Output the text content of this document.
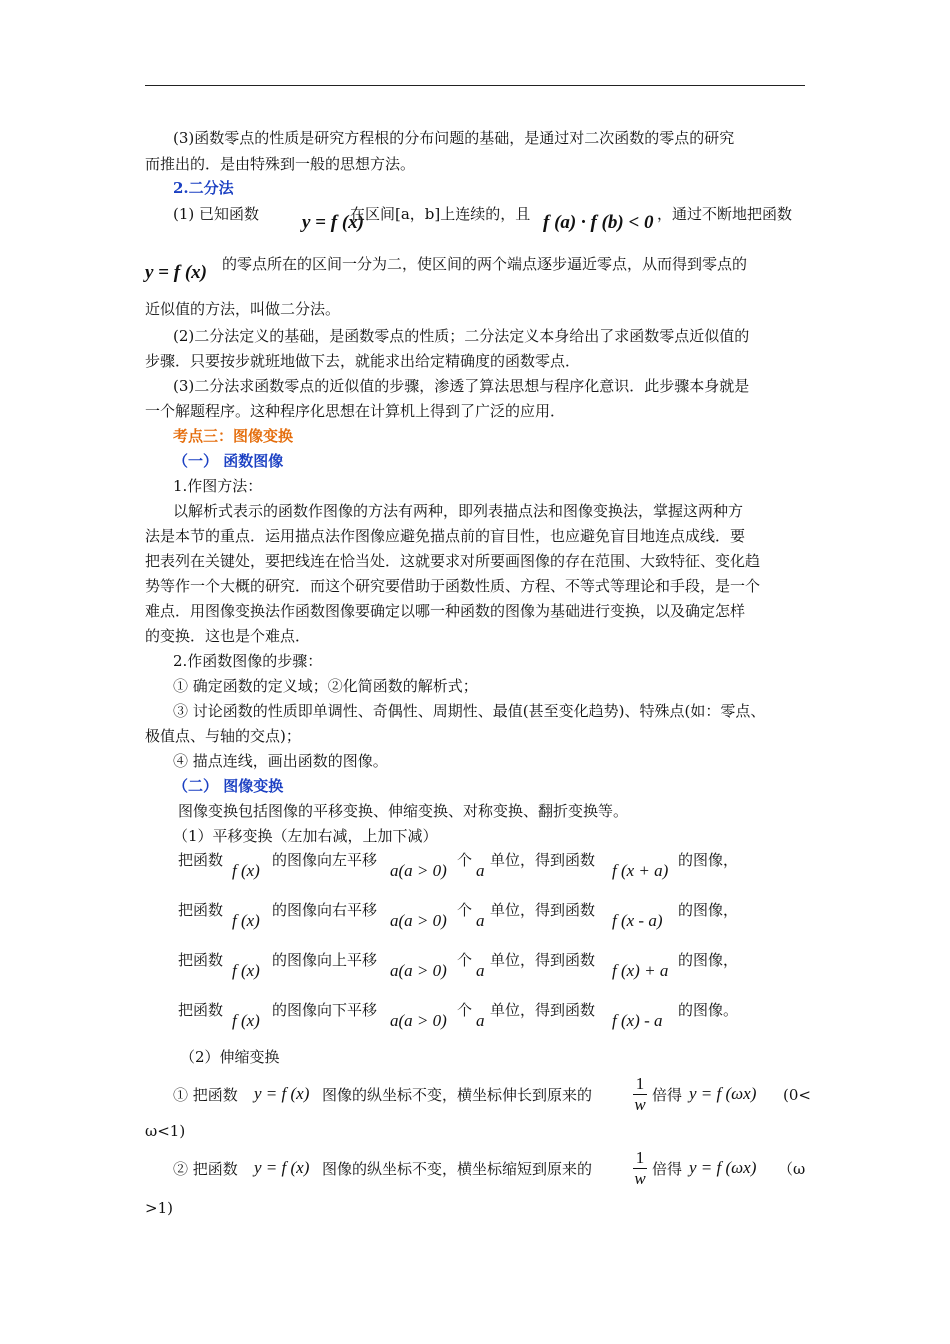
(3)函数零点的性质是研究方程根的分布问题的基础，是通过对二次函数的零点的研究
而推出的．是由特殊到一般的思想方法。
2.二分法
(1) 已知函数 y = f (x)
在区间[a，b]上连续的，且 f (a) · f (b) < 0 ，通过不断地把函数
y = f (x) 的零点所在的区间一分为二，使区间的两个端点逐步逼近零点，从而得到零点的
近似值的方法，叫做二分法。
(2)二分法定义的基础，是函数零点的性质；二分法定义本身给出了求函数零点近似值的
步骤．只要按步就班地做下去，就能求出给定精确度的函数零点．
(3)二分法求函数零点的近似值的步骤，渗透了算法思想与程序化意识．此步骤本身就是
一个解题程序。这种程序化思想在计算机上得到了广泛的应用．
考点三：图像变换
（一） 函数图像
1.作图方法：
以解析式表示的函数作图像的方法有两种，即列表描点法和图像变换法，掌握这两种方
法是本节的重点．运用描点法作图像应避免描点前的盲目性，也应避免盲目地连点成线．要
把表列在关键处，要把线连在恰当处．这就要求对所要画图像的存在范围、大致特征、变化趋
势等作一个大概的研究．而这个研究要借助于函数性质、方程、不等式等理论和手段，是一个
难点．用图像变换法作函数图像要确定以哪一种函数的图像为基础进行变换，以及确定怎样
的变换．这也是个难点．
2.作函数图像的步骤：
① 确定函数的定义域；②化简函数的解析式；
③ 讨论函数的性质即单调性、奇偶性、周期性、最值(甚至变化趋势)、特殊点(如：零点、
极值点、与轴的交点)；
④ 描点连线，画出函数的图像。
（二） 图像变换
图像变换包括图像的平移变换、伸缩变换、对称变换、翻折变换等。
（1）平移变换（左加右减，上加下减）
把函数
f (x)
的图像向左平移
a(a > 0)
个
a
单位，得到函数
f (x + a)
的图像，
把函数
f (x)
的图像向右平移
a(a > 0)
个
a
单位，得到函数
f (x - a)
的图像，
把函数
f (x)
的图像向上平移
a(a > 0)
个
a
单位，得到函数
f (x) + a
的图像，
把函数
f (x)
的图像向下平移
a(a > 0)
个
a
单位，得到函数
f (x) - a
的图像。
（2）伸缩变换
① 把函数 y = f (x) 图像的纵坐标不变，横坐标伸长到原来的
1
w 倍得 y = f (ωx) (0<
ω<1)
② 把函数 y = f (x) 图像的纵坐标不变，横坐标缩短到原来的
1
w 倍得 y = f (ωx) （ω
>1)
